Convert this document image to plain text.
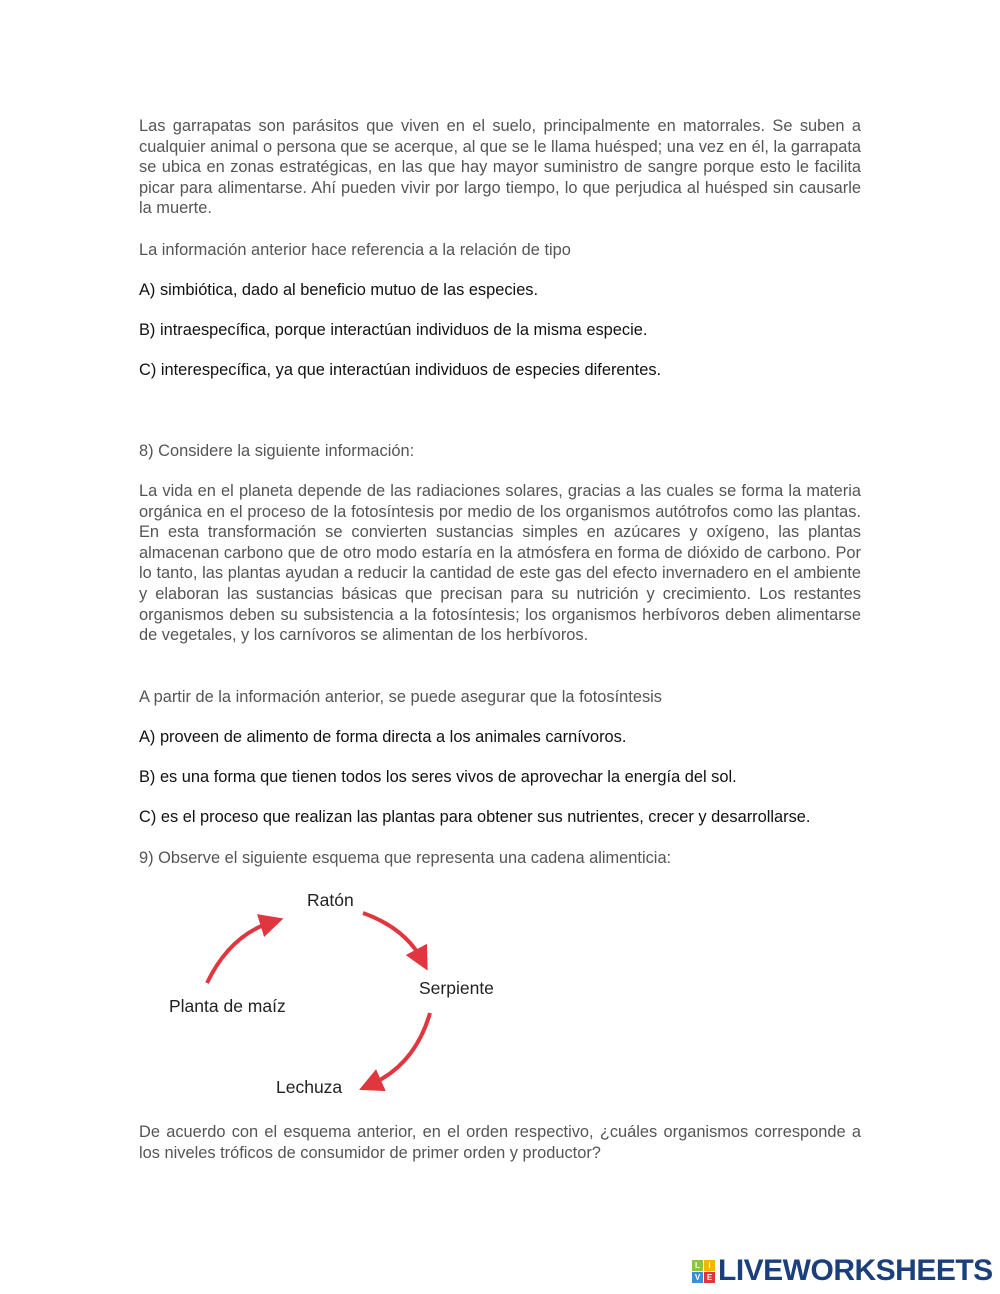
Las garrapatas son parásitos que viven en el suelo, principalmente en matorrales. Se suben a cualquier animal o persona que se acerque, al que se le llama huésped; una vez en él, la garrapata se ubica en zonas estratégicas, en las que hay mayor suministro de sangre porque esto le facilita picar para alimentarse. Ahí pueden vivir por largo tiempo, lo que perjudica al huésped sin causarle la muerte.
La información anterior hace referencia a la relación de tipo
A) simbiótica, dado al beneficio mutuo de las especies.
B) intraespecífica, porque interactúan individuos de la misma especie.
C) interespecífica, ya que interactúan individuos de especies diferentes.
8) Considere la siguiente información:
La vida en el planeta depende de las radiaciones solares, gracias a las cuales se forma la materia orgánica en el proceso de la fotosíntesis por medio de los organismos autótrofos como las plantas. En esta transformación se convierten sustancias simples en azúcares y oxígeno, las plantas almacenan carbono que de otro modo estaría en la atmósfera en forma de dióxido de carbono. Por lo tanto, las plantas ayudan a reducir la cantidad de este gas del efecto invernadero en el ambiente y elaboran las sustancias básicas que precisan para su nutrición y crecimiento. Los restantes organismos deben su subsistencia a la fotosíntesis; los organismos herbívoros deben alimentarse de vegetales, y los carnívoros se alimentan de los herbívoros.
A partir de la información anterior, se puede asegurar que la fotosíntesis
A) proveen de alimento de forma directa a los animales carnívoros.
B) es una forma que tienen todos los seres vivos de aprovechar la energía del sol.
C) es el proceso que realizan las plantas para obtener sus nutrientes, crecer y desarrollarse.
9) Observe el siguiente esquema que representa una cadena alimenticia:
Ratón
Serpiente
Lechuza
Planta de maíz
De acuerdo con el esquema anterior, en el orden respectivo, ¿cuáles organismos corresponde a los niveles tróficos de consumidor de primer orden y productor?
L	I
V E LIVEWORKSHEETS
